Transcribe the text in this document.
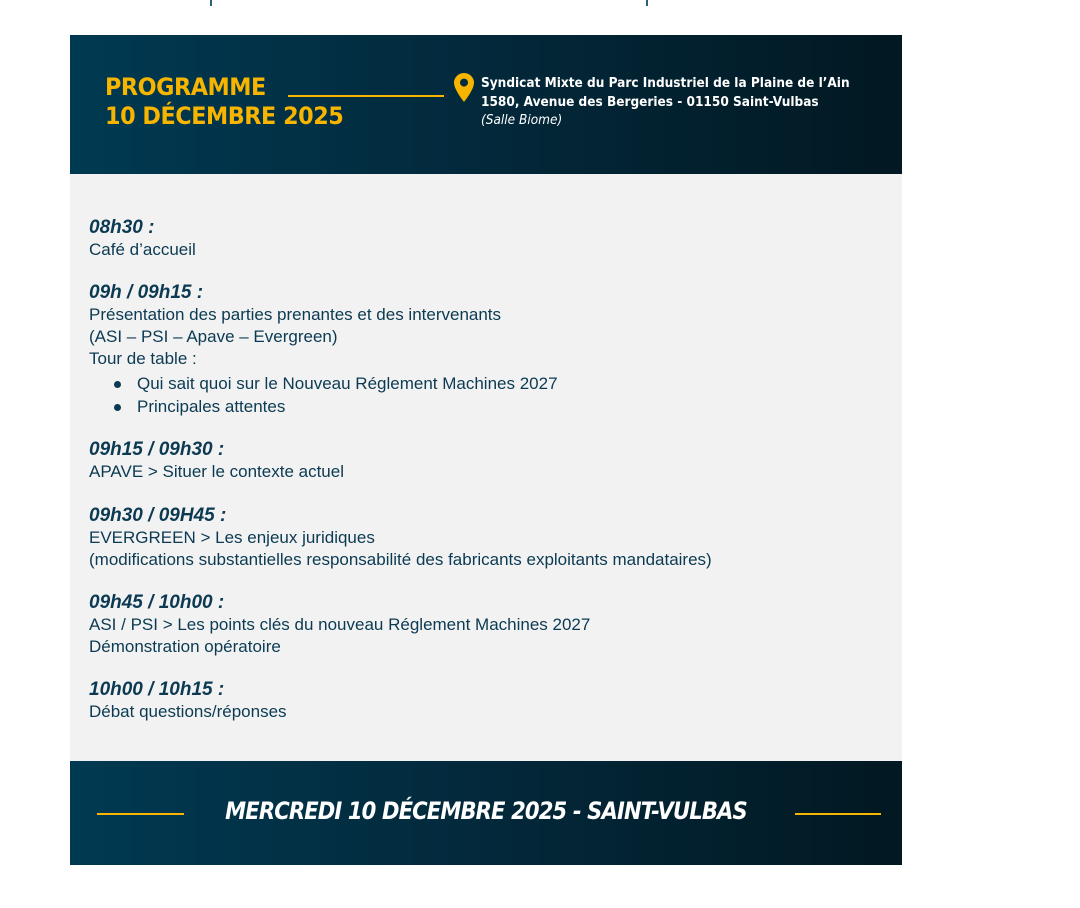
PROGRAMME
10 DÉCEMBRE 2025
Syndicat Mixte du Parc Industriel de la Plaine de l’Ain
1580, Avenue des Bergeries - 01150 Saint-Vulbas
(Salle Biome)
08h30 :
Café d’accueil
09h / 09h15 :
Présentation des parties prenantes et des intervenants
(ASI – PSI – Apave – Evergreen)
Tour de table :
Qui sait quoi sur le Nouveau Réglement Machines 2027
Principales attentes
09h15 / 09h30 :
APAVE > Situer le contexte actuel
09h30 / 09H45 :
EVERGREEN > Les enjeux juridiques
(modifications substantielles responsabilité des fabricants exploitants mandataires)
09h45 / 10h00 :
ASI / PSI > Les points clés du nouveau Réglement Machines 2027
Démonstration opératoire
10h00 / 10h15 :
Débat questions/réponses
MERCREDI 10 DÉCEMBRE 2025 - SAINT-VULBAS
